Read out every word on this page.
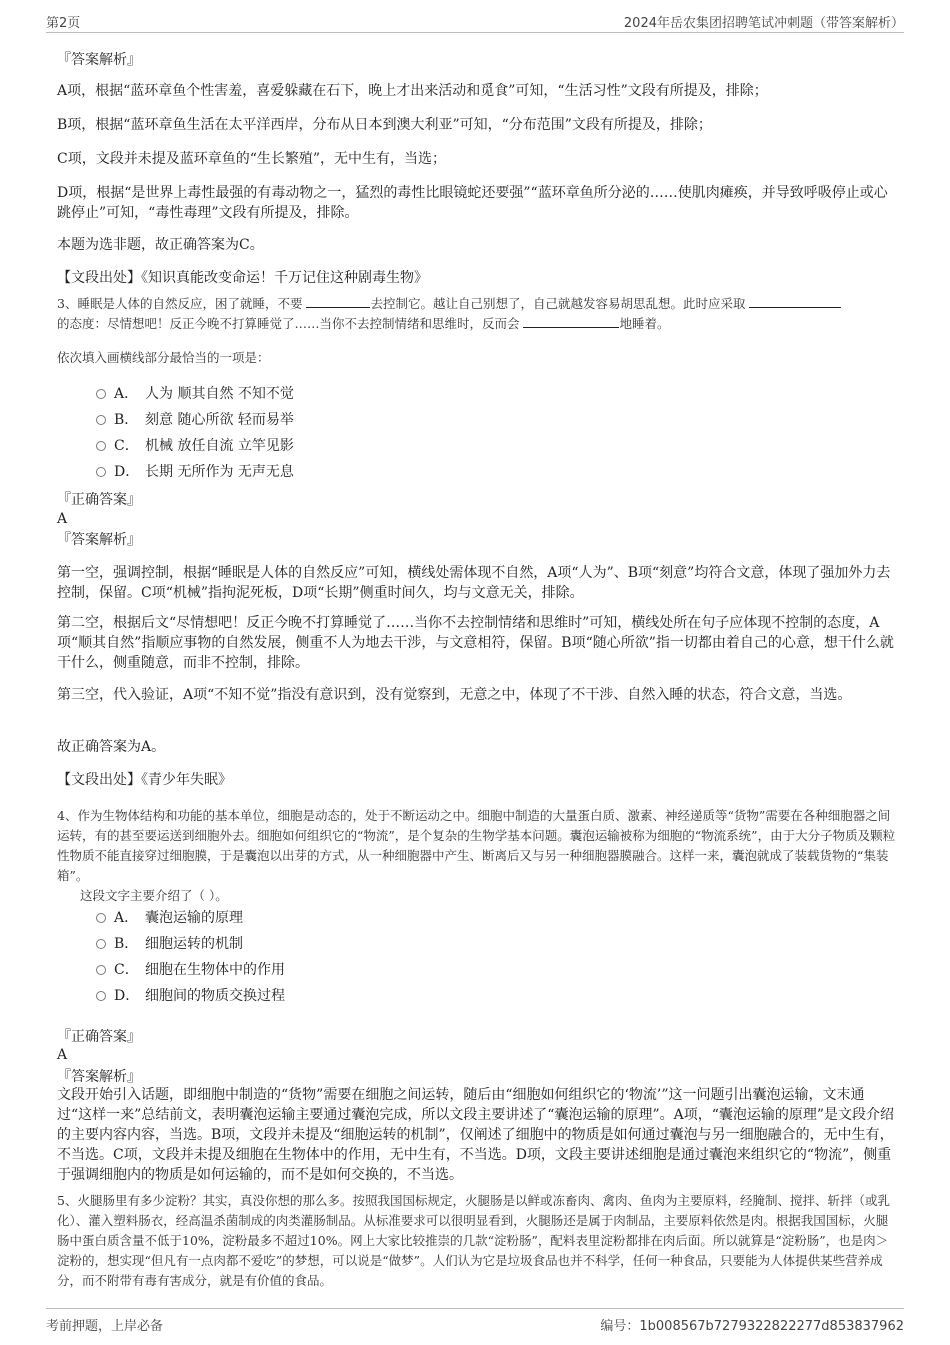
第2页	2024年岳农集团招聘笔试冲刺题（带答案解析）

『答案解析』

A项，根据“蓝环章鱼个性害羞，喜爱躲藏在石下，晚上才出来活动和觅食”可知，“生活习性”文段有所提及，排除；

B项，根据“蓝环章鱼生活在太平洋西岸，分布从日本到澳大利亚”可知，“分布范围”文段有所提及，排除；

C项，文段并未提及蓝环章鱼的“生长繁殖”，无中生有，当选；

D项，根据“是世界上毒性最强的有毒动物之一，猛烈的毒性比眼镜蛇还要强”“蓝环章鱼所分泌的……使肌肉瘫痪，并导致呼吸停止或心跳停止”可知，“毒性毒理”文段有所提及，排除。

本题为选非题，故正确答案为C。

【文段出处】《知识真能改变命运！千万记住这种剧毒生物》

3、睡眠是人体的自然反应，困了就睡，不要	去控制它。越让自己别想了，自己就越发容易胡思乱想。此时应采取
的态度：尽情想吧！反正今晚不打算睡觉了……当你不去控制情绪和思维时，反而会	地睡着。

依次填入画横线部分最恰当的一项是：

A． 人为 顺其自然 不知不觉
B． 刻意 随心所欲 轻而易举
C． 机械 放任自流 立竿见影
D． 长期 无所作为 无声无息

『正确答案』

A

『答案解析』

第一空，强调控制，根据“睡眠是人体的自然反应”可知，横线处需体现不自然，A项“人为”、B项“刻意”均符合文意，体现了强加外力去控制，保留。C项“机械”指拘泥死板，D项“长期”侧重时间久，均与文意无关，排除。

第二空，根据后文“尽情想吧！反正今晚不打算睡觉了……当你不去控制情绪和思维时”可知，横线处所在句子应体现不控制的态度，A项“顺其自然”指顺应事物的自然发展，侧重不人为地去干涉，与文意相符，保留。B项“随心所欲”指一切都由着自己的心意，想干什么就干什么，侧重随意，而非不控制，排除。

第三空，代入验证，A项“不知不觉”指没有意识到，没有觉察到，无意之中，体现了不干涉、自然入睡的状态，符合文意，当选。

故正确答案为A。

【文段出处】《青少年失眠》

4、作为生物体结构和功能的基本单位，细胞是动态的，处于不断运动之中。细胞中制造的大量蛋白质、激素、神经递质等“货物”需要在各种细胞器之间运转，有的甚至要运送到细胞外去。细胞如何组织它的“物流”，是个复杂的生物学基本问题。囊泡运输被称为细胞的“物流系统”，由于大分子物质及颗粒性物质不能直接穿过细胞膜，于是囊泡以出芽的方式，从一种细胞器中产生、断离后又与另一种细胞器膜融合。这样一来，囊泡就成了装载货物的“集装箱”。

这段文字主要介绍了（ ）。

A． 囊泡运输的原理
B． 细胞运转的机制
C． 细胞在生物体中的作用
D． 细胞间的物质交换过程

『正确答案』

A

『答案解析』

文段开始引入话题，即细胞中制造的“货物”需要在细胞之间运转，随后由“细胞如何组织它的‘物流’”这一问题引出囊泡运输，文末通过“这样一来”总结前文，表明囊泡运输主要通过囊泡完成，所以文段主要讲述了“囊泡运输的原理”。A项，“囊泡运输的原理”是文段介绍的主要内容内容，当选。B项，文段并未提及“细胞运转的机制”，仅阐述了细胞中的物质是如何通过囊泡与另一细胞融合的，无中生有，不当选。C项，文段并未提及细胞在生物体中的作用，无中生有，不当选。D项，文段主要讲述细胞是通过囊泡来组织它的“物流”，侧重于强调细胞内的物质是如何运输的，而不是如何交换的，不当选。

5、火腿肠里有多少淀粉？其实，真没你想的那么多。按照我国国标规定，火腿肠是以鲜或冻畜肉、禽肉、鱼肉为主要原料，经腌制、搅拌、斩拌（或乳化）、灌入塑料肠衣，经高温杀菌制成的肉类灌肠制品。从标准要求可以很明显看到，火腿肠还是属于肉制品，主要原料依然是肉。根据我国国标，火腿肠中蛋白质含量不低于10%，淀粉最多不超过10%。网上大家比较推崇的几款“淀粉肠”，配料表里淀粉都排在肉后面。所以就算是“淀粉肠”，也是肉＞淀粉的，想实现“但凡有一点肉都不爱吃”的梦想，可以说是“做梦”。人们认为它是垃圾食品也并不科学，任何一种食品，只要能为人体提供某些营养成分，而不附带有毒有害成分，就是有价值的食品。

考前押题，上岸必备	编号：1b008567b7279322822277d853837962
